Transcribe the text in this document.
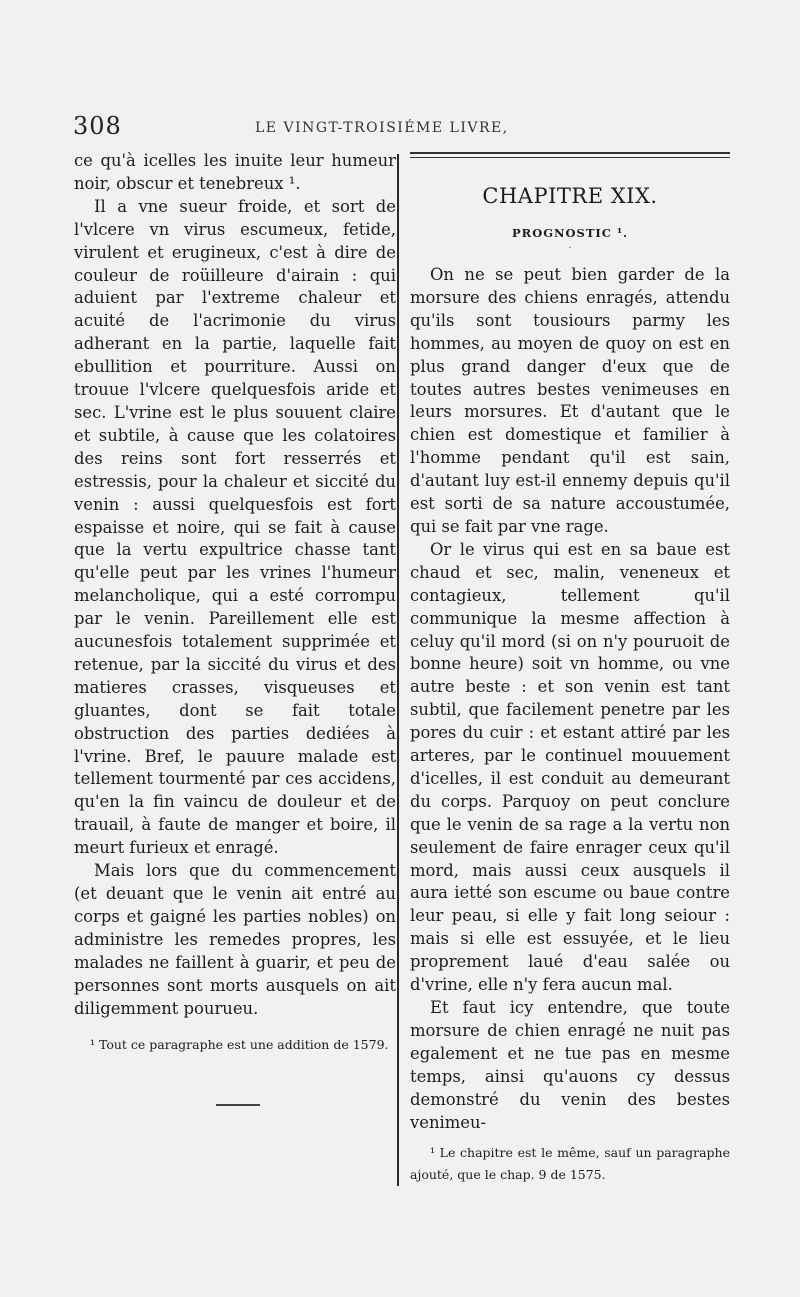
308	LE VINGT-TROISIÉME LIVRE,

ce qu'à icelles les inuite leur humeur noir, obscur et tenebreux ¹.

Il a vne sueur froide, et sort de l'vlcere vn virus escumeux, fetide, virulent et erugineux, c'est à dire de couleur de roüilleure d'airain : qui aduient par l'extreme chaleur et acuité de l'acrimonie du virus adherant en la partie, laquelle fait ebullition et pourriture. Aussi on trouue l'vlcere quelquesfois aride et sec. L'vrine est le plus souuent claire et subtile, à cause que les colatoires des reins sont fort resserrés et estressis, pour la chaleur et siccité du venin : aussi quelquesfois est fort espaisse et noire, qui se fait à cause que la vertu expultrice chasse tant qu'elle peut par les vrines l'humeur melancholique, qui a esté corrompu par le venin. Pareillement elle est aucunesfois totalement supprimée et retenue, par la siccité du virus et des matieres crasses, visqueuses et gluantes, dont se fait totale obstruction des parties dediées à l'vrine. Bref, le pauure malade est tellement tourmenté par ces accidens, qu'en la fin vaincu de douleur et de trauail, à faute de manger et boire, il meurt furieux et enragé.

Mais lors que du commencement (et deuant que le venin ait entré au corps et gaigné les parties nobles) on administre les remedes propres, les malades ne faillent à guarir, et peu de personnes sont morts ausquels on ait diligemment pourueu.

¹ Tout ce paragraphe est une addition de 1579.
CHAPITRE XIX.
PROGNOSTIC ¹.
·

On ne se peut bien garder de la morsure des chiens enragés, attendu qu'ils sont tousiours parmy les hommes, au moyen de quoy on est en plus grand danger d'eux que de toutes autres bestes venimeuses en leurs morsures. Et d'autant que le chien est domestique et familier à l'homme pendant qu'il est sain, d'autant luy est-il ennemy depuis qu'il est sorti de sa nature accoustumée, qui se fait par vne rage.

Or le virus qui est en sa baue est chaud et sec, malin, veneneux et contagieux, tellement qu'il communique la mesme affection à celuy qu'il mord (si on n'y pouruoit de bonne heure) soit vn homme, ou vne autre beste : et son venin est tant subtil, que facilement penetre par les pores du cuir : et estant attiré par les arteres, par le continuel mouuement d'icelles, il est conduit au demeurant du corps. Parquoy on peut conclure que le venin de sa rage a la vertu non seulement de faire enrager ceux qu'il mord, mais aussi ceux ausquels il aura ietté son escume ou baue contre leur peau, si elle y fait long seiour : mais si elle est essuyée, et le lieu proprement laué d'eau salée ou d'vrine, elle n'y fera aucun mal.

Et faut icy entendre, que toute morsure de chien enragé ne nuit pas egalement et ne tue pas en mesme temps, ainsi qu'auons cy dessus demonstré du venin des bestes venimeu-

¹ Le chapitre est le même, sauf un paragraphe ajouté, que le chap. 9 de 1575.
